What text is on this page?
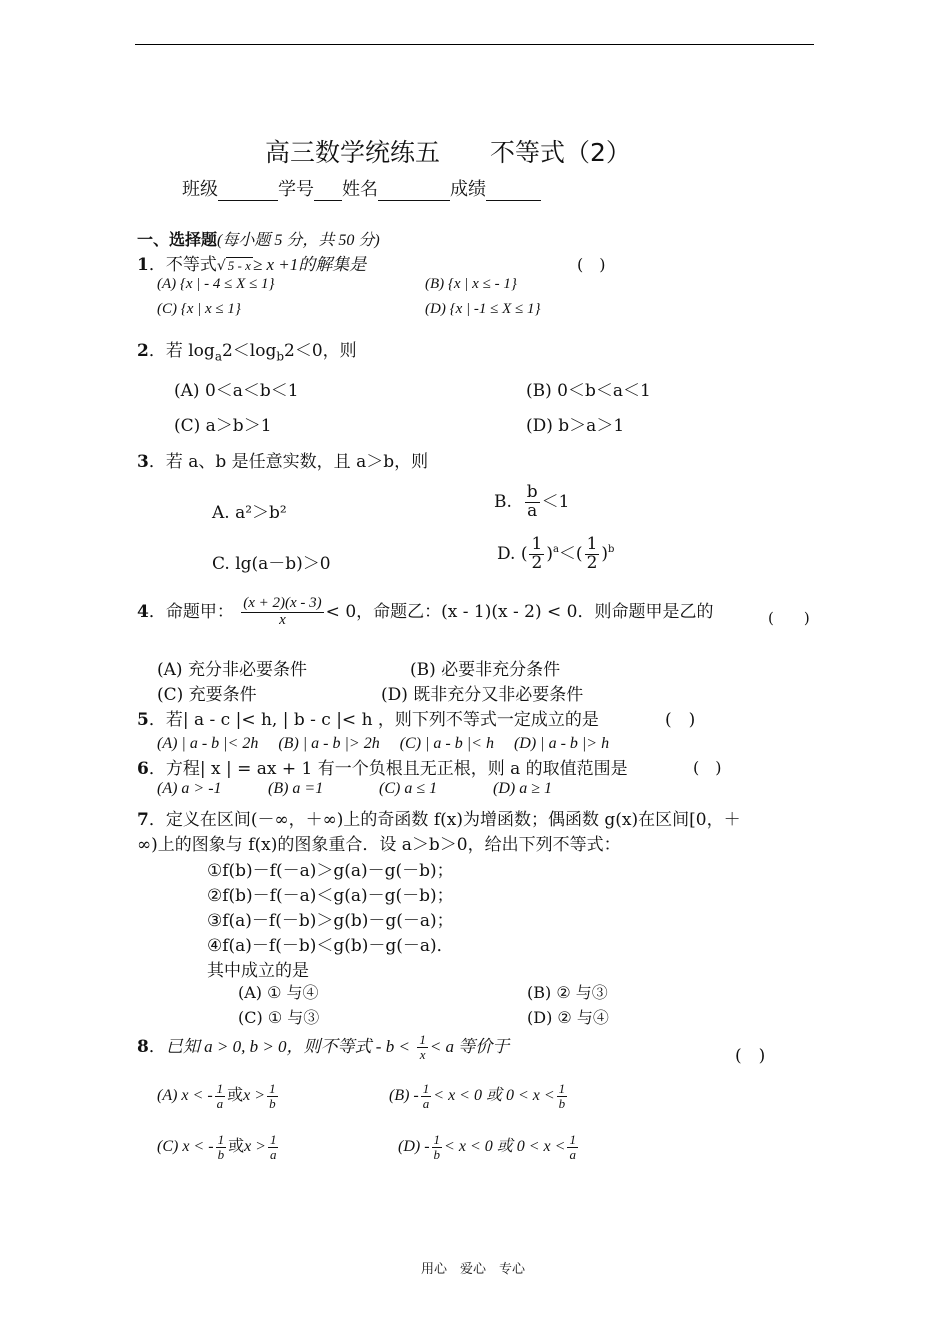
高三数学统练五　　不等式（2）
班级	学号 姓名	成绩
一、选择题(每小题 5 分，共 50 分)
1．不等式√ 5 - x ≥ x +1的解集是	(　)
(A) {x | - 4 ≤ X ≤ 1}	(B) {x | x ≤ - 1}
(C) {x | x ≤ 1}	(D) {x | -1 ≤ X ≤ 1}
2．若 $\log_a2<\log_b2<0$，则
(A) 0＜a＜b＜1	(B) 0＜b＜a＜1
(C) a＞b＞1	(D) b＞a＞1
3．若 a、b 是任意实数，且 a＞b，则
A. a²＞b²
B. $\frac{b}{a} <1$
C. lg(a－b)＞0
D. ( $\frac{1}{2} )^a<( \frac{1}{2} )^b$
4．命题甲： $\frac{(x + 2)(x - 3)}{x} < 0$，命题乙：(x - 1)(x - 2) < 0．则命题甲是乙的	(　　)
(A) 充分非必要条件	(B) 必要非充分条件
(C) 充要条件	(D) 既非充分又非必要条件
5．若| a - c |< h, | b - c |< h ，则下列不等式一定成立的是	(　)
(A) | a - b |< 2h　 (B) | a - b |> 2h　 (C) | a - b |< h　 (D) | a - b |> h
6．方程| x | = ax + 1 有一个负根且无正根，则 a 的取值范围是	(　)
(A) a > -1	(B) a =1	(C) a ≤ 1	(D) a ≥ 1
7．定义在区间(－∞，＋∞)上的奇函数 f(x)为增函数；偶函数 g(x)在区间[0，＋
∞)上的图象与 f(x)的图象重合．设 a＞b＞0，给出下列不等式：
①f(b)－f(－a)＞g(a)－g(－b)；
②f(b)－f(－a)＜g(a)－g(－b)；
③f(a)－f(－b)＞g(b)－g(－a)；
④f(a)－f(－b)＜g(b)－g(－a)．
其中成立的是
(A) ① 与④	(B) ② 与③
(C) ① 与③	(D) ② 与④
8．已知 a > 0, b > 0，则不等式 - $b < \frac{1}{x} < a$ 等价于	(　)
(A) x < - $\frac{1}{a}$ 或$x > \frac{1}{b}$	$(B) - \frac{1}{a} < x < 0$ 或 $0 < x < \frac{1}{b}$
(C) x < - $\frac{1}{b}$ 或$x > \frac{1}{a}$	$(D) - \frac{1}{b} < x < 0$ 或 $0 < x < \frac{1}{a}$
用心　爱心　专心
